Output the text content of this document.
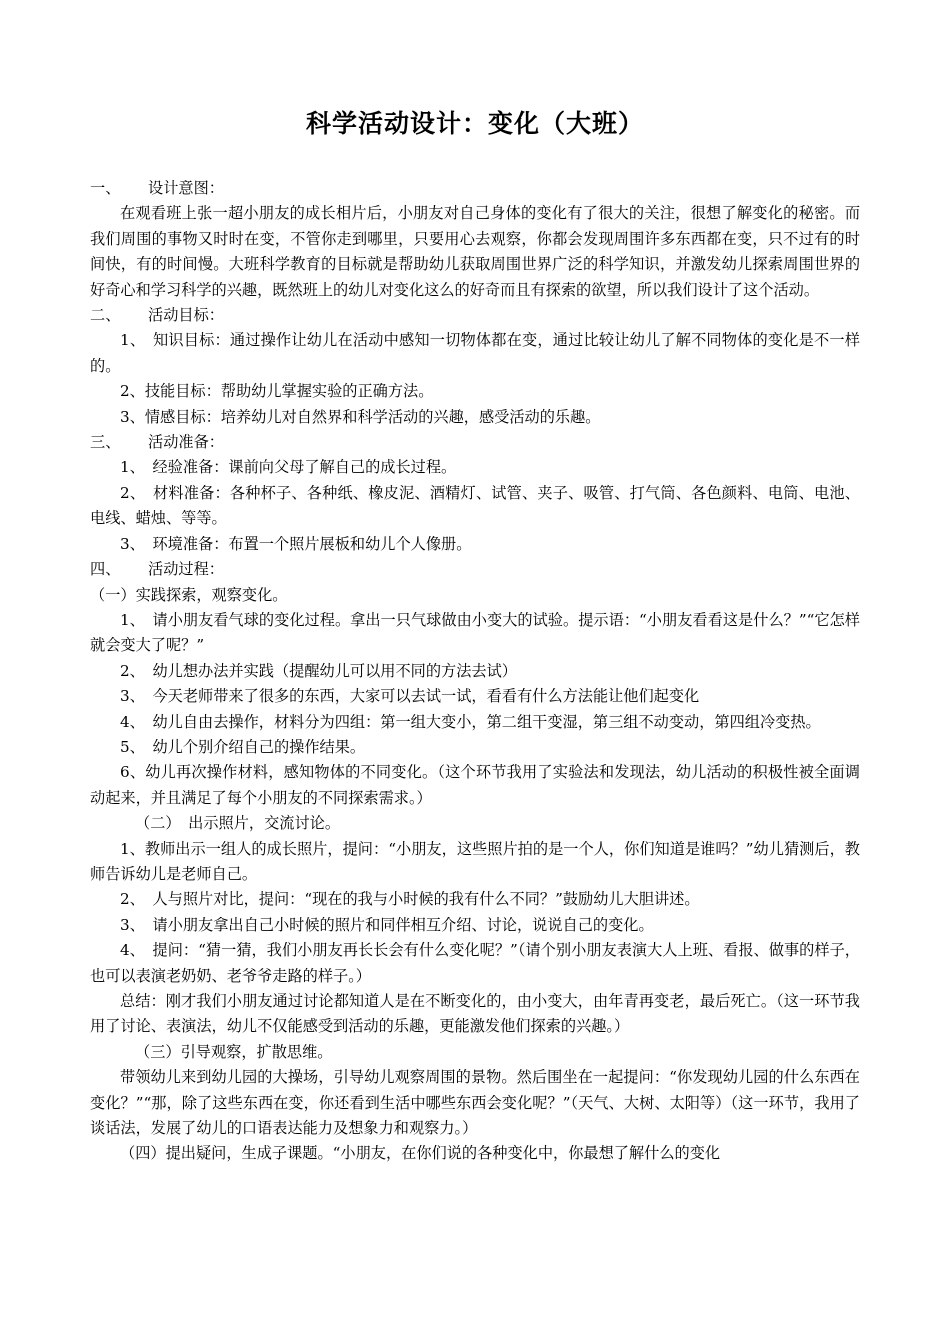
科学活动设计：变化（大班）

一、 设计意图：

在观看班上张一超小朋友的成长相片后，小朋友对自己身体的变化有了很大的关注，很想了解变化的秘密。而我们周围的事物又时时在变，不管你走到哪里，只要用心去观察，你都会发现周围许多东西都在变，只不过有的时间快，有的时间慢。大班科学教育的目标就是帮助幼儿获取周围世界广泛的科学知识，并激发幼儿探索周围世界的好奇心和学习科学的兴趣，既然班上的幼儿对变化这么的好奇而且有探索的欲望，所以我们设计了这个活动。

二、 活动目标：

1、　知识目标：通过操作让幼儿在活动中感知一切物体都在变，通过比较让幼儿了解不同物体的变化是不一样的。

2、技能目标：帮助幼儿掌握实验的正确方法。

3、情感目标：培养幼儿对自然界和科学活动的兴趣，感受活动的乐趣。

三、 活动准备：

1、　经验准备：课前向父母了解自己的成长过程。

2、　材料准备：各种杯子、各种纸、橡皮泥、酒精灯、试管、夹子、吸管、打气筒、各色颜料、电筒、电池、电线、蜡烛、等等。

3、　环境准备：布置一个照片展板和幼儿个人像册。

四、 活动过程：

（一）实践探索，观察变化。

1、　请小朋友看气球的变化过程。拿出一只气球做由小变大的试验。提示语：“小朋友看看这是什么？”“它怎样就会变大了呢？”

2、　幼儿想办法并实践（提醒幼儿可以用不同的方法去试）

3、　今天老师带来了很多的东西，大家可以去试一试，看看有什么方法能让他们起变化

4、　幼儿自由去操作，材料分为四组：第一组大变小，第二组干变湿，第三组不动变动，第四组冷变热。

5、　幼儿个别介绍自己的操作结果。

6、幼儿再次操作材料，感知物体的不同变化。（这个环节我用了实验法和发现法，幼儿活动的积极性被全面调动起来，并且满足了每个小朋友的不同探索需求。）

（二）　出示照片，交流讨论。

1、教师出示一组人的成长照片，提问：“小朋友，这些照片拍的是一个人，你们知道是谁吗？”幼儿猜测后，教师告诉幼儿是老师自己。

2、　人与照片对比，提问：“现在的我与小时候的我有什么不同？”鼓励幼儿大胆讲述。

3、　请小朋友拿出自己小时候的照片和同伴相互介绍、讨论，说说自己的变化。

4、　提问：“猜一猜，我们小朋友再长长会有什么变化呢？”（请个别小朋友表演大人上班、看报、做事的样子，也可以表演老奶奶、老爷爷走路的样子。）

总结：刚才我们小朋友通过讨论都知道人是在不断变化的，由小变大，由年青再变老，最后死亡。（这一环节我用了讨论、表演法，幼儿不仅能感受到活动的乐趣，更能激发他们探索的兴趣。）

（三）引导观察，扩散思维。

带领幼儿来到幼儿园的大操场，引导幼儿观察周围的景物。然后围坐在一起提问：“你发现幼儿园的什么东西在变化？”“那，除了这些东西在变，你还看到生活中哪些东西会变化呢？”（天气、大树、太阳等）（这一环节，我用了谈话法，发展了幼儿的口语表达能力及想象力和观察力。）

（四）提出疑问，生成子课题。“小朋友，在你们说的各种变化中，你最想了解什么的变化
